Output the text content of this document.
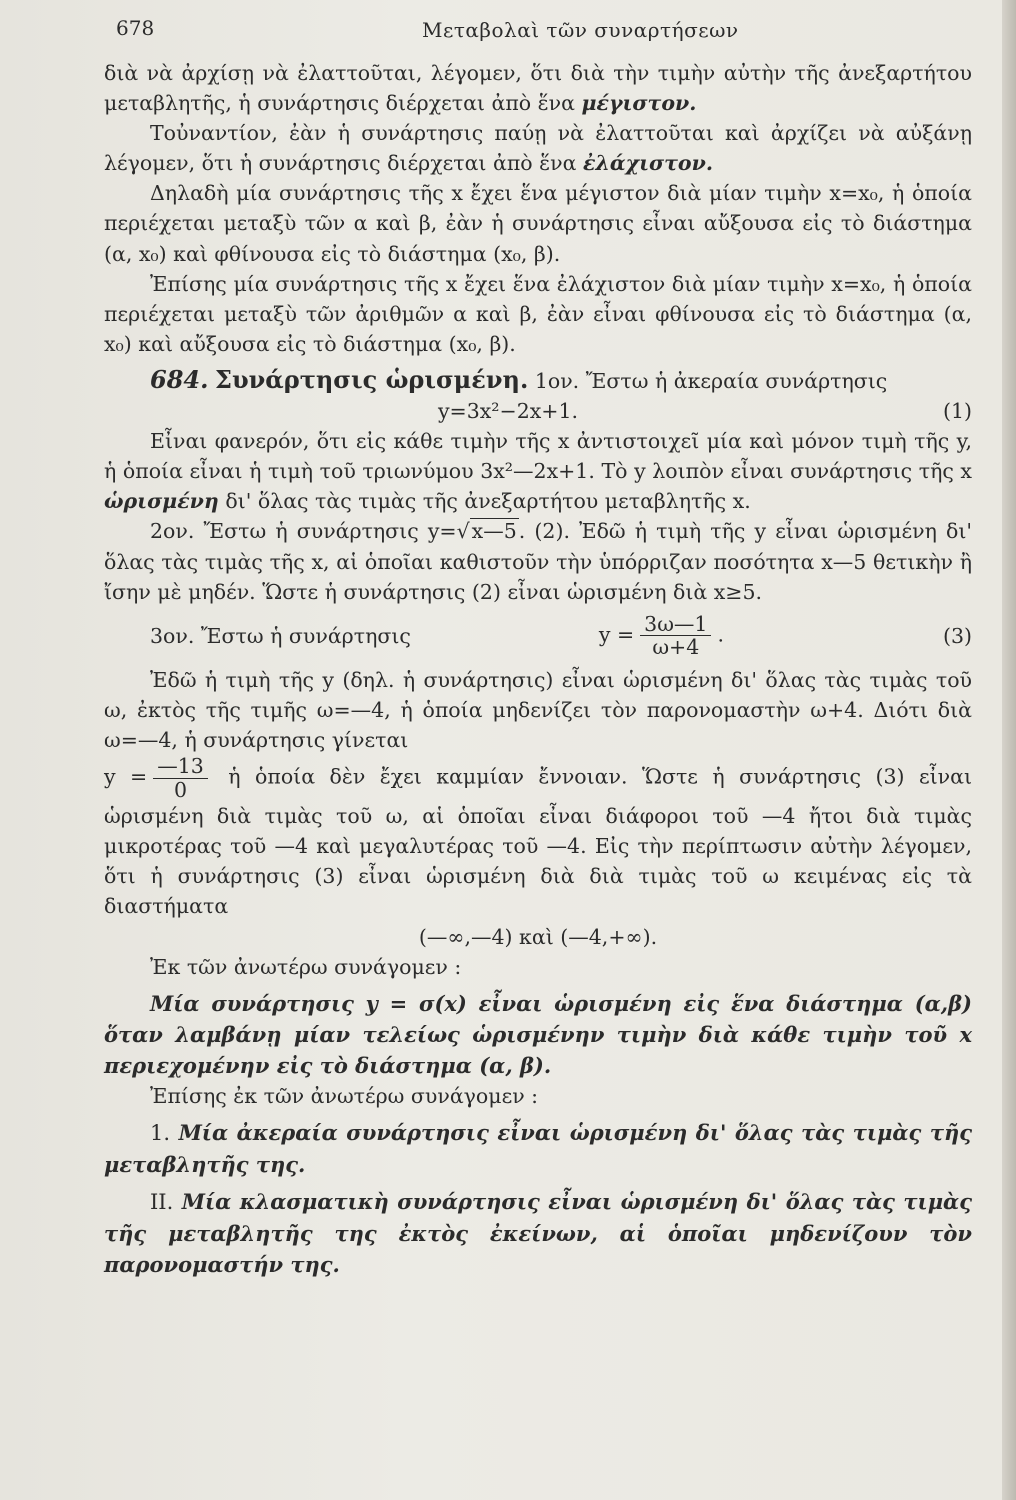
678	Μεταβολαὶ τῶν συναρτήσεων

διὰ νὰ ἀρχίσῃ νὰ ἐλαττοῦται, λέγομεν, ὅτι διὰ τὴν τιμὴν αὐτὴν τῆς ἀνεξαρτήτου μεταβλητῆς, ἡ συνάρτησις διέρχεται ἀπὸ ἕνα μέγιστον.

Τοὐναντίον, ἐὰν ἡ συνάρτησις παύῃ νὰ ἐλαττοῦται καὶ ἀρχίζει νὰ αὐξάνῃ λέγομεν, ὅτι ἡ συνάρτησις διέρχεται ἀπὸ ἕνα ἐλάχιστον.

Δηλαδὴ μία συνάρτησις τῆς x ἔχει ἕνα μέγιστον διὰ μίαν τιμὴν x=x₀, ἡ ὁποία περιέχεται μεταξὺ τῶν α καὶ β, ἐὰν ἡ συνάρτησις εἶναι αὔξουσα εἰς τὸ διάστημα (α, x₀) καὶ φθίνουσα εἰς τὸ διάστημα (x₀, β).

Ἐπίσης μία συνάρτησις τῆς x ἔχει ἕνα ἐλάχιστον διὰ μίαν τιμὴν x=x₀, ἡ ὁποία περιέχεται μεταξὺ τῶν ἀριθμῶν α καὶ β, ἐὰν εἶναι φθίνουσα εἰς τὸ διάστημα (α, x₀) καὶ αὔξουσα εἰς τὸ διάστημα (x₀, β).

684. Συνάρτησις ὡρισμένη. 1ον. Ἔστω ἡ ἀκεραία συνάρτησις

y=3x²−2x+1.	(1)

Εἶναι φανερόν, ὅτι εἰς κάθε τιμὴν τῆς x ἀντιστοιχεῖ μία καὶ μόνον τιμὴ τῆς y, ἡ ὁποία εἶναι ἡ τιμὴ τοῦ τριωνύμου 3x²—2x+1. Τὸ y λοιπὸν εἶναι συνάρτησις τῆς x ὡρισμένη δι' ὅλας τὰς τιμὰς τῆς ἀνεξαρτήτου μεταβλητῆς x.

2ον. Ἔστω ἡ συνάρτησις y=√x—5. (2). Ἐδῶ ἡ τιμὴ τῆς y εἶναι ὡρισμένη δι' ὅλας τὰς τιμὰς τῆς x, αἱ ὁποῖαι καθιστοῦν τὴν ὑπόρριζαν ποσότητα x—5 θετικὴν ἢ ἴσην μὲ μηδέν. Ὥστε ἡ συνάρτησις (2) εἶναι ὡρισμένη διὰ x≥5.

3ον. Ἔστω ἡ συνάρτησις	$y = \frac{3\omega—1}{\omega+4}$ .	(3)

Ἐδῶ ἡ τιμὴ τῆς y (δηλ. ἡ συνάρτησις) εἶναι ὡρισμένη δι' ὅλας τὰς τιμὰς τοῦ ω, ἐκτὸς τῆς τιμῆς ω=—4, ἡ ὁποία μηδενίζει τὸν παρονομαστὴν ω+4. Διότι διὰ ω=—4, ἡ συνάρτησις γίνεται

$y = \frac{—13}{0}$ ἡ ὁποία δὲν ἔχει καμμίαν ἔννοιαν. Ὥστε ἡ συνάρτησις (3) εἶναι ὡρισμένη διὰ τιμὰς τοῦ ω, αἱ ὁποῖαι εἶναι διάφοροι τοῦ —4 ἤτοι διὰ τιμὰς μικροτέρας τοῦ —4 καὶ μεγαλυτέρας τοῦ —4. Εἰς τὴν περίπτωσιν αὐτὴν λέγομεν, ὅτι ἡ συνάρτησις (3) εἶναι ὡρισμένη διὰ διὰ τιμὰς τοῦ ω κειμένας εἰς τὰ διαστήματα

(—∞,—4) καὶ (—4,+∞).

Ἐκ τῶν ἀνωτέρω συνάγομεν :

Μία συνάρτησις y = σ(x) εἶναι ὡρισμένη εἰς ἕνα διάστημα (α,β) ὅταν λαμβάνῃ μίαν τελείως ὡρισμένην τιμὴν διὰ κάθε τιμὴν τοῦ x περιεχομένην εἰς τὸ διάστημα (α, β).

Ἐπίσης ἐκ τῶν ἀνωτέρω συνάγομεν :

1. Μία ἀκεραία συνάρτησις εἶναι ὡρισμένη δι' ὅλας τὰς τιμὰς τῆς μεταβλητῆς της.

II. Μία κλασματικὴ συνάρτησις εἶναι ὡρισμένη δι' ὅλας τὰς τιμὰς τῆς μεταβλητῆς της ἐκτὸς ἐκείνων, αἱ ὁποῖαι μηδενίζουν τὸν παρονομαστήν της.
